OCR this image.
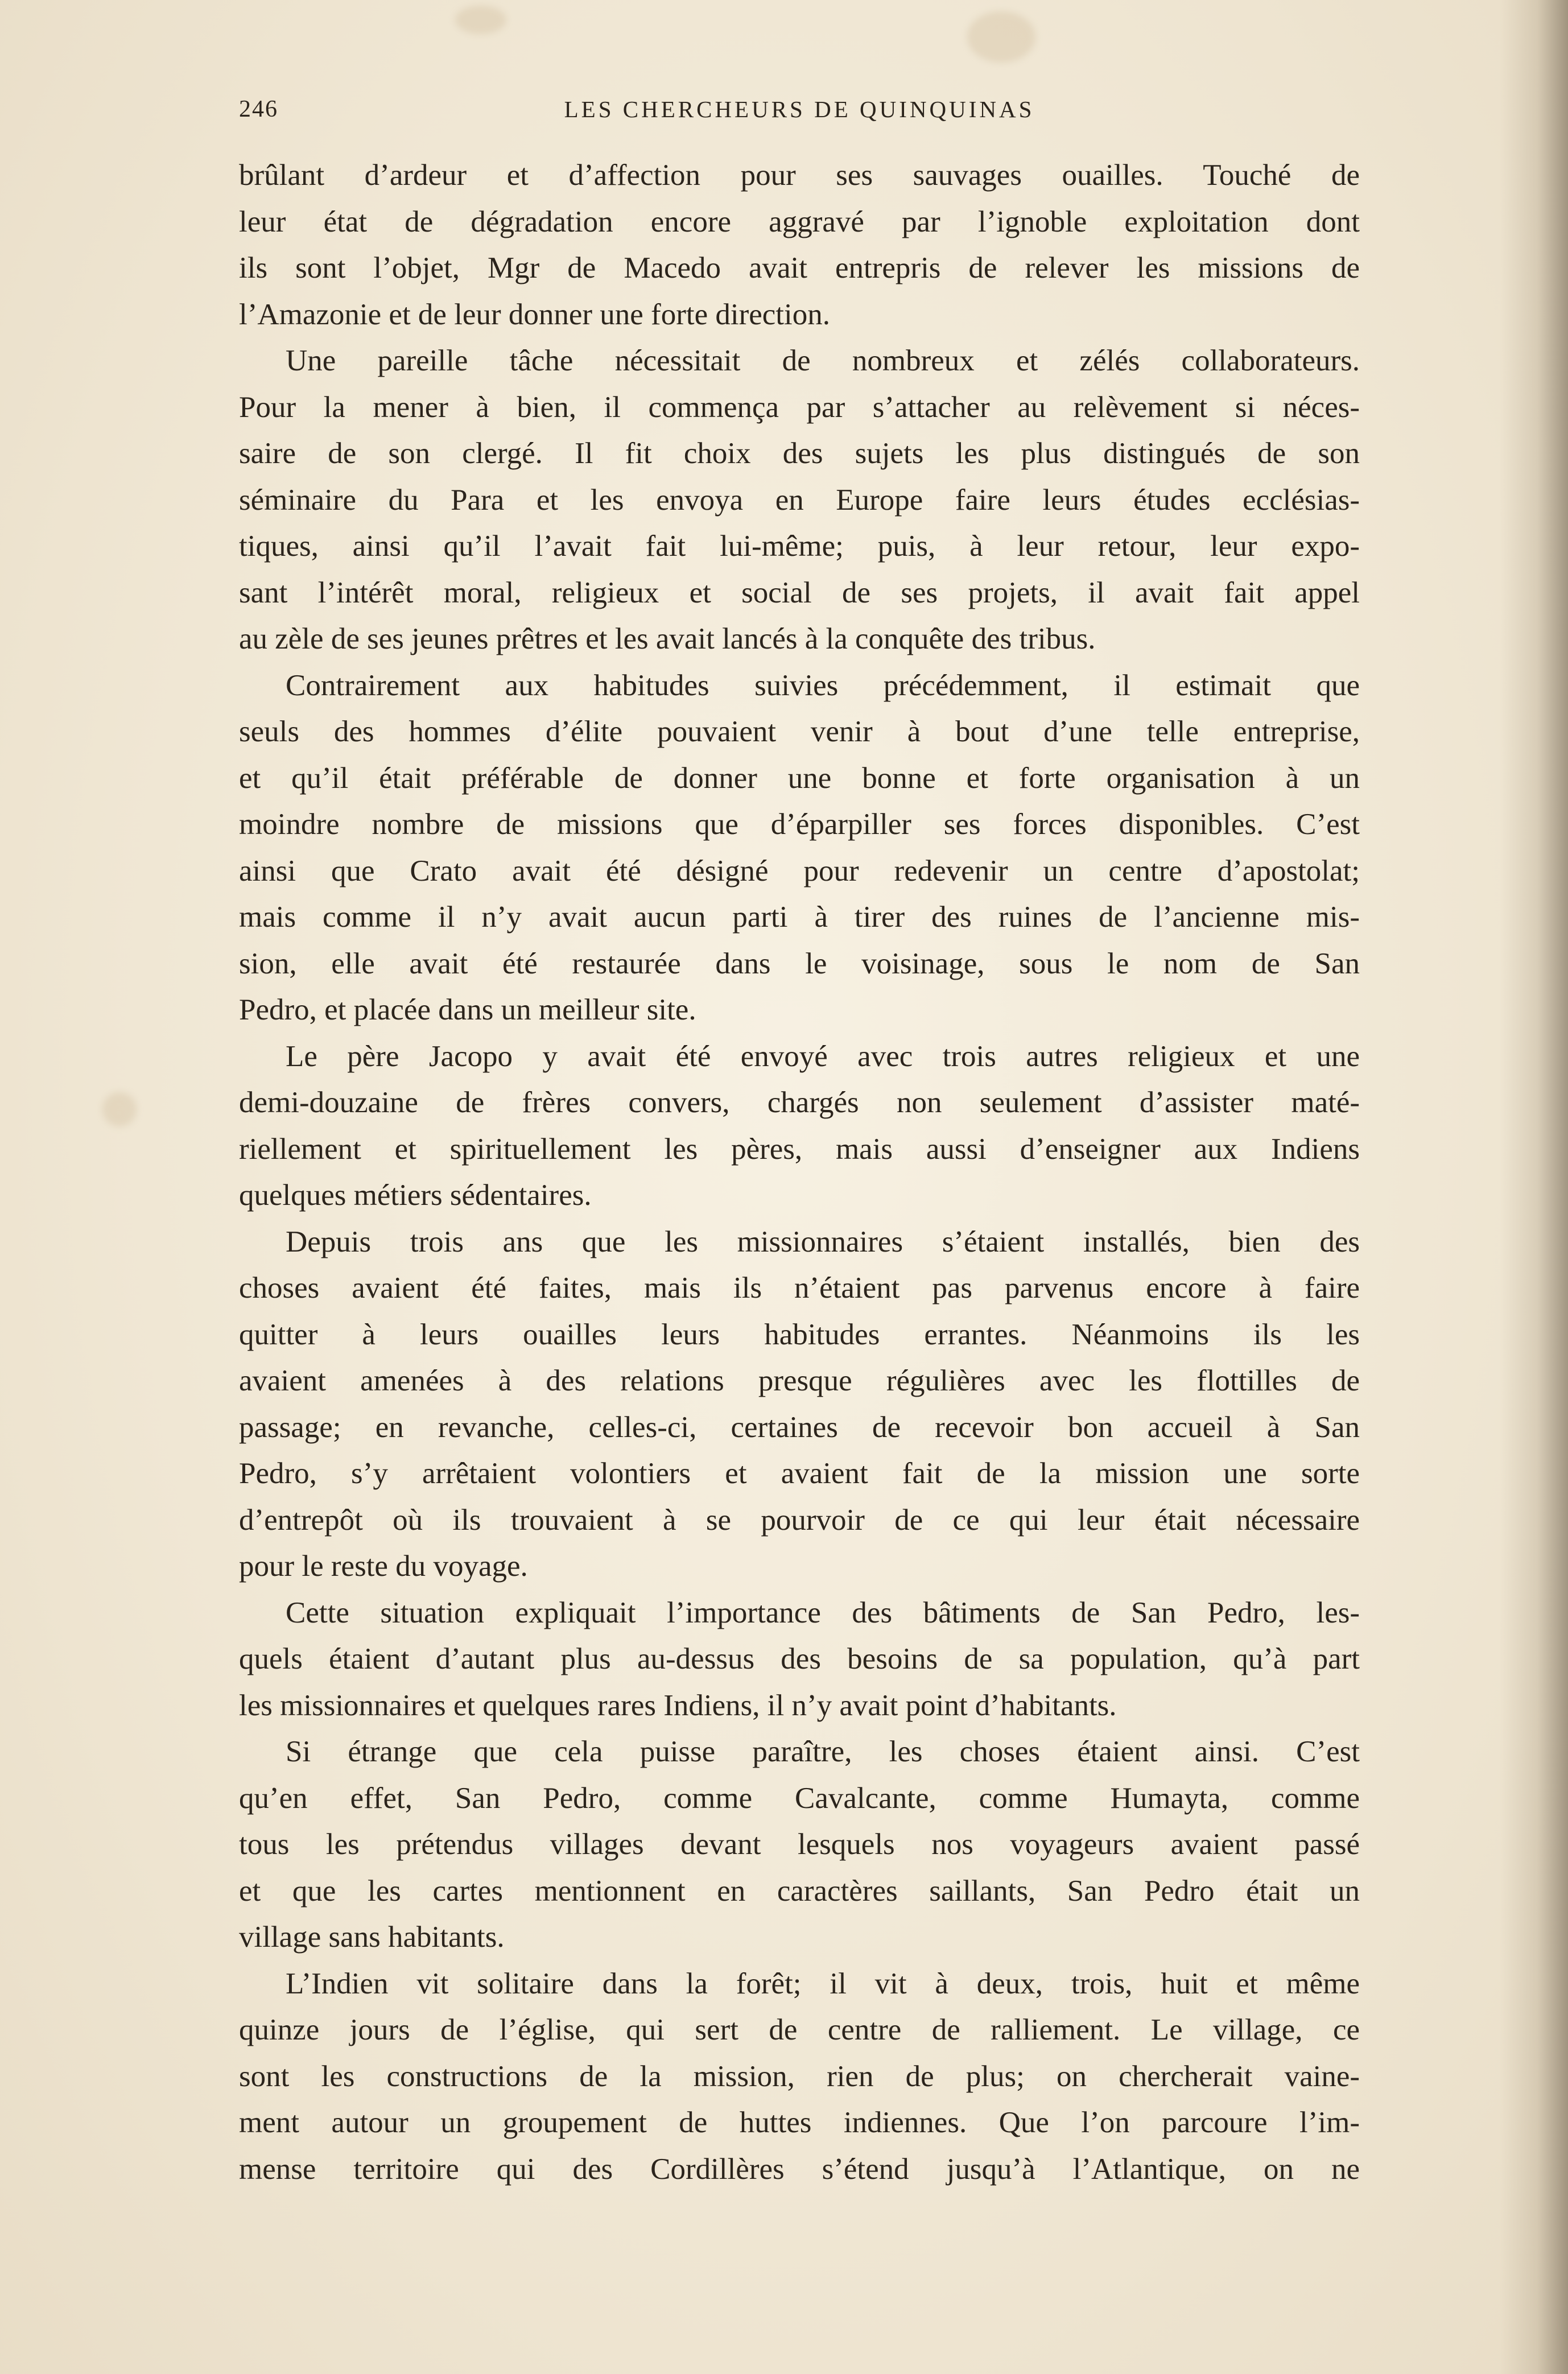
246	LES CHERCHEURS DE QUINQUINAS
brûlant d’ardeur et d’affection pour ses sauvages ouailles. Touché de
leur état de dégradation encore aggravé par l’ignoble exploitation dont
ils sont l’objet, Mgr de Macedo avait entrepris de relever les missions de
l’Amazonie et de leur donner une forte direction.
Une pareille tâche nécessitait de nombreux et zélés collaborateurs.
Pour la mener à bien, il commença par s’attacher au relèvement si néces-
saire de son clergé. Il fit choix des sujets les plus distingués de son
séminaire du Para et les envoya en Europe faire leurs études ecclésias-
tiques, ainsi qu’il l’avait fait lui-même; puis, à leur retour, leur expo-
sant l’intérêt moral, religieux et social de ses projets, il avait fait appel
au zèle de ses jeunes prêtres et les avait lancés à la conquête des tribus.
Contrairement aux habitudes suivies précédemment, il estimait que
seuls des hommes d’élite pouvaient venir à bout d’une telle entreprise,
et qu’il était préférable de donner une bonne et forte organisation à un
moindre nombre de missions que d’éparpiller ses forces disponibles. C’est
ainsi que Crato avait été désigné pour redevenir un centre d’apostolat;
mais comme il n’y avait aucun parti à tirer des ruines de l’ancienne mis-
sion, elle avait été restaurée dans le voisinage, sous le nom de San
Pedro, et placée dans un meilleur site.
Le père Jacopo y avait été envoyé avec trois autres religieux et une
demi-douzaine de frères convers, chargés non seulement d’assister maté-
riellement et spirituellement les pères, mais aussi d’enseigner aux Indiens
quelques métiers sédentaires.
Depuis trois ans que les missionnaires s’étaient installés, bien des
choses avaient été faites, mais ils n’étaient pas parvenus encore à faire
quitter à leurs ouailles leurs habitudes errantes. Néanmoins ils les
avaient amenées à des relations presque régulières avec les flottilles de
passage; en revanche, celles-ci, certaines de recevoir bon accueil à San
Pedro, s’y arrêtaient volontiers et avaient fait de la mission une sorte
d’entrepôt où ils trouvaient à se pourvoir de ce qui leur était nécessaire
pour le reste du voyage.
Cette situation expliquait l’importance des bâtiments de San Pedro, les-
quels étaient d’autant plus au-dessus des besoins de sa population, qu’à part
les missionnaires et quelques rares Indiens, il n’y avait point d’habitants.
Si étrange que cela puisse paraître, les choses étaient ainsi. C’est
qu’en effet, San Pedro, comme Cavalcante, comme Humayta, comme
tous les prétendus villages devant lesquels nos voyageurs avaient passé
et que les cartes mentionnent en caractères saillants, San Pedro était un
village sans habitants.
L’Indien vit solitaire dans la forêt; il vit à deux, trois, huit et même
quinze jours de l’église, qui sert de centre de ralliement. Le village, ce
sont les constructions de la mission, rien de plus; on chercherait vaine-
ment autour un groupement de huttes indiennes. Que l’on parcoure l’im-
mense territoire qui des Cordillères s’étend jusqu’à l’Atlantique, on ne
